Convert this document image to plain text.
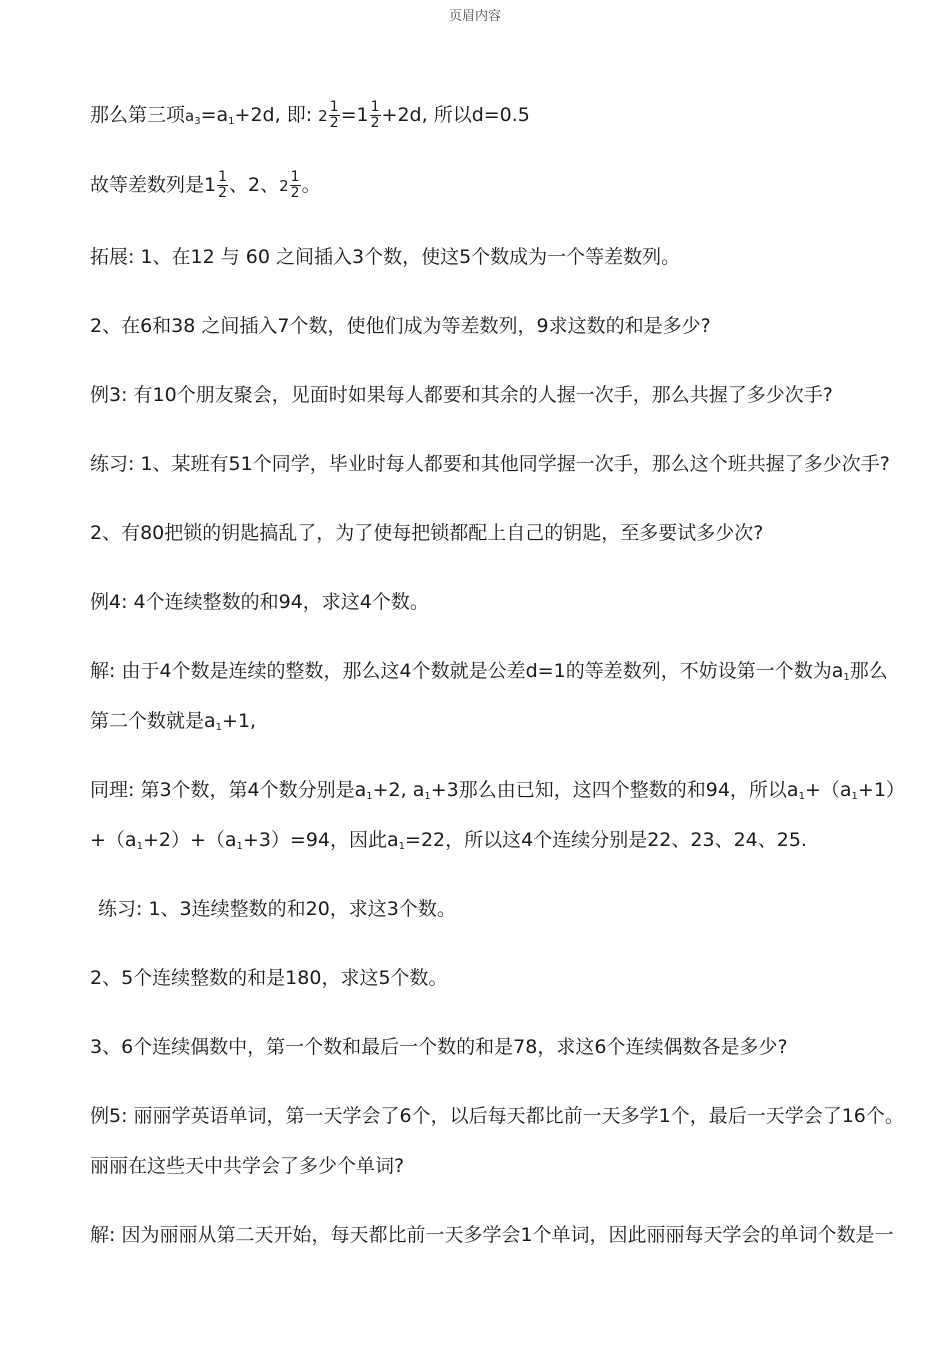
页眉内容
那么第三项$a_3=a_1+2d$, 即: $2 \frac{1}{2} =1 \frac{1}{2} +2d$, 所以d=0.5
故等差数列是$1 \frac{1}{2}$ 、2、$2 \frac{1}{2}$ 。
拓展: 1、在12 与 60 之间插入3个数，使这5个数成为一个等差数列。
2、在6和38 之间插入7个数，使他们成为等差数列，9求这数的和是多少?
例3: 有10个朋友聚会，见面时如果每人都要和其余的人握一次手，那么共握了多少次手?
练习: 1、某班有51个同学，毕业时每人都要和其他同学握一次手，那么这个班共握了多少次手?
2、有80把锁的钥匙搞乱了，为了使每把锁都配上自己的钥匙，至多要试多少次?
例4: 4个连续整数的和94，求这4个数。
解: 由于4个数是连续的整数，那么这4个数就是公差d=1的等差数列，不妨设第一个数为$a_1$那么
第二个数就是$a_1+1$,
同理: 第3个数，第4个数分别是$a_1+2$, $a_1+3$那么由已知，这四个整数的和94，所以$a_1+(a_1+1)$
$+(a_1+2)+(a_1+3)=94$，因此$a_1=22$，所以这4个连续分别是22、23、24、25.
练习: 1、3连续整数的和20，求这3个数。
2、5个连续整数的和是180，求这5个数。
3、6个连续偶数中，第一个数和最后一个数的和是78，求这6个连续偶数各是多少?
例5: 丽丽学英语单词，第一天学会了6个，以后每天都比前一天多学1个，最后一天学会了16个。
丽丽在这些天中共学会了多少个单词?
解: 因为丽丽从第二天开始，每天都比前一天多学会1个单词，因此丽丽每天学会的单词个数是一
